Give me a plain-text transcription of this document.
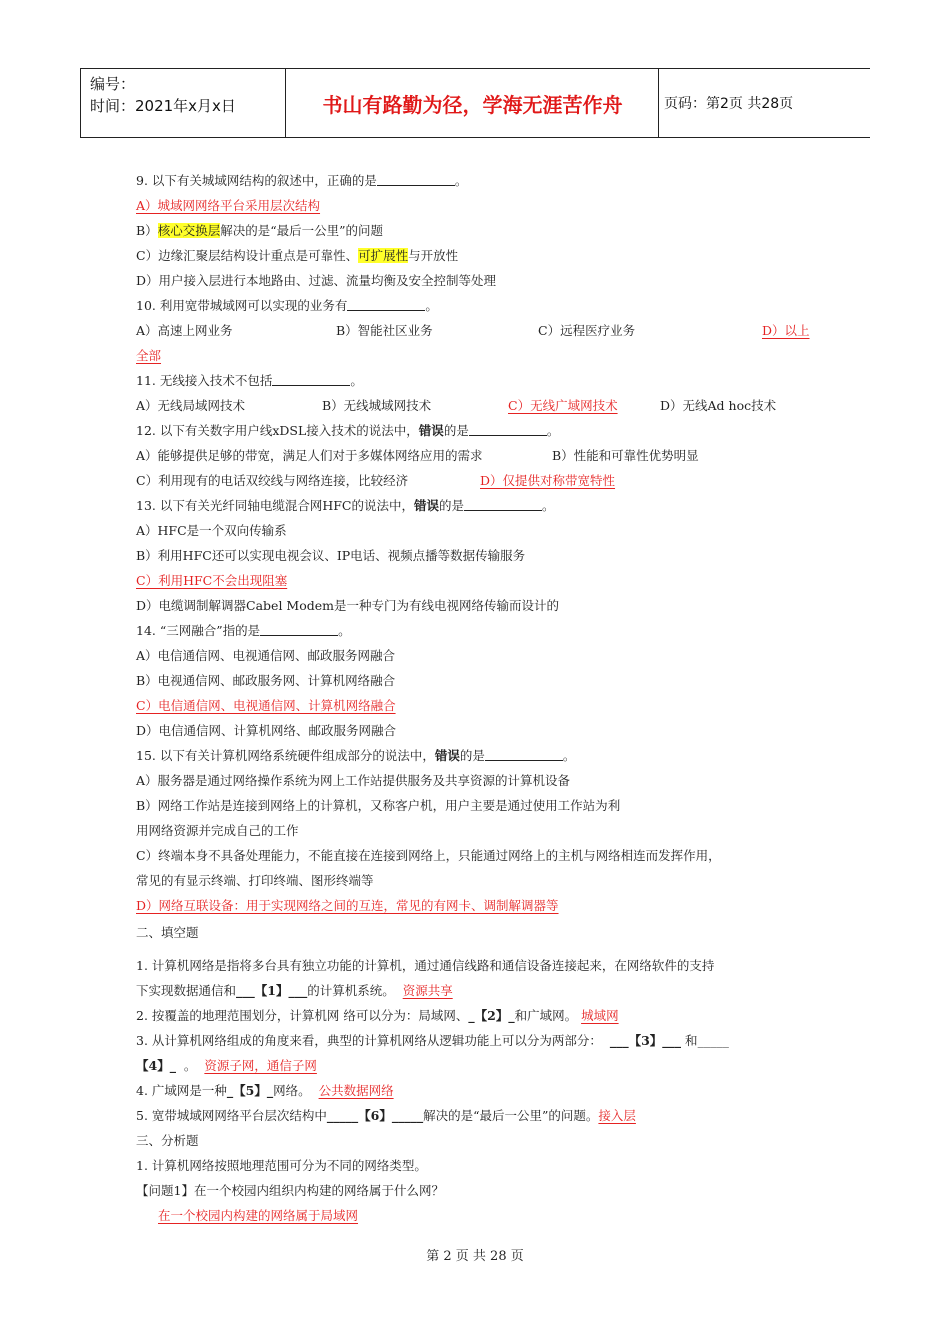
编号：
时间：2021年x月x日	书山有路勤为径，学海无涯苦作舟	页码：第2页 共28页
9. 以下有关城域网结构的叙述中，正确的是	。
A）城域网网络平台采用层次结构
B）核心交换层解决的是“最后一公里”的问题
C）边缘汇聚层结构设计重点是可靠性、可扩展性与开放性
D）用户接入层进行本地路由、过滤、流量均衡及安全控制等处理
10. 利用宽带城域网可以实现的业务有	。
A）高速上网业务	B）智能社区业务	C）远程医疗业务	D）以上
全部
11. 无线接入技术不包括	。
A）无线局域网技术	B）无线城域网技术	C）无线广域网技术	D）无线Ad hoc技术
12. 以下有关数字用户线xDSL接入技术的说法中，错误的是	。
A）能够提供足够的带宽，满足人们对于多媒体网络应用的需求	B）性能和可靠性优势明显
C）利用现有的电话双绞线与网络连接，比较经济	D）仅提供对称带宽特性
13. 以下有关光纤同轴电缆混合网HFC的说法中，错误的是	。
A）HFC是一个双向传输系
B）利用HFC还可以实现电视会议、IP电话、视频点播等数据传输服务
C）利用HFC不会出现阻塞
D）电缆调制解调器Cabel Modem是一种专门为有线电视网络传输而设计的
14. “三网融合”指的是	。
A）电信通信网、电视通信网、邮政服务网融合
B）电视通信网、邮政服务网、计算机网络融合
C）电信通信网、电视通信网、计算机网络融合
D）电信通信网、计算机网络、邮政服务网融合
15. 以下有关计算机网络系统硬件组成部分的说法中，错误的是	。
A）服务器是通过网络操作系统为网上工作站提供服务及共享资源的计算机设备
B）网络工作站是连接到网络上的计算机，又称客户机，用户主要是通过使用工作站为利
用网络资源并完成自己的工作
C）终端本身不具备处理能力，不能直接在连接到网络上，只能通过网络上的主机与网络相连而发挥作用，
常见的有显示终端、打印终端、图形终端等
D）网络互联设备：用于实现网络之间的互连，常见的有网卡、调制解调器等
二、填空题
1. 计算机网络是指将多台具有独立功能的计算机，通过通信线路和通信设备连接起来，在网络软件的支持
下实现数据通信和___【1】___的计算机系统。 资源共享
2. 按覆盖的地理范围划分，计算机网 络可以分为：局域网、_【2】_和广域网。 城域网
3. 从计算机网络组成的角度来看，典型的计算机网络从逻辑功能上可以分为两部分： ___【3】___ 和_____
【4】_ 。 资源子网，通信子网
4. 广域网是一种_【5】_网络。 公共数据网络
5. 宽带城域网网络平台层次结构中_____【6】_____解决的是“最后一公里”的问题。接入层
三、分析题
1. 计算机网络按照地理范围可分为不同的网络类型。
【问题1】在一个校园内组织内构建的网络属于什么网？
在一个校园内构建的网络属于局域网
第 2 页 共 28 页
